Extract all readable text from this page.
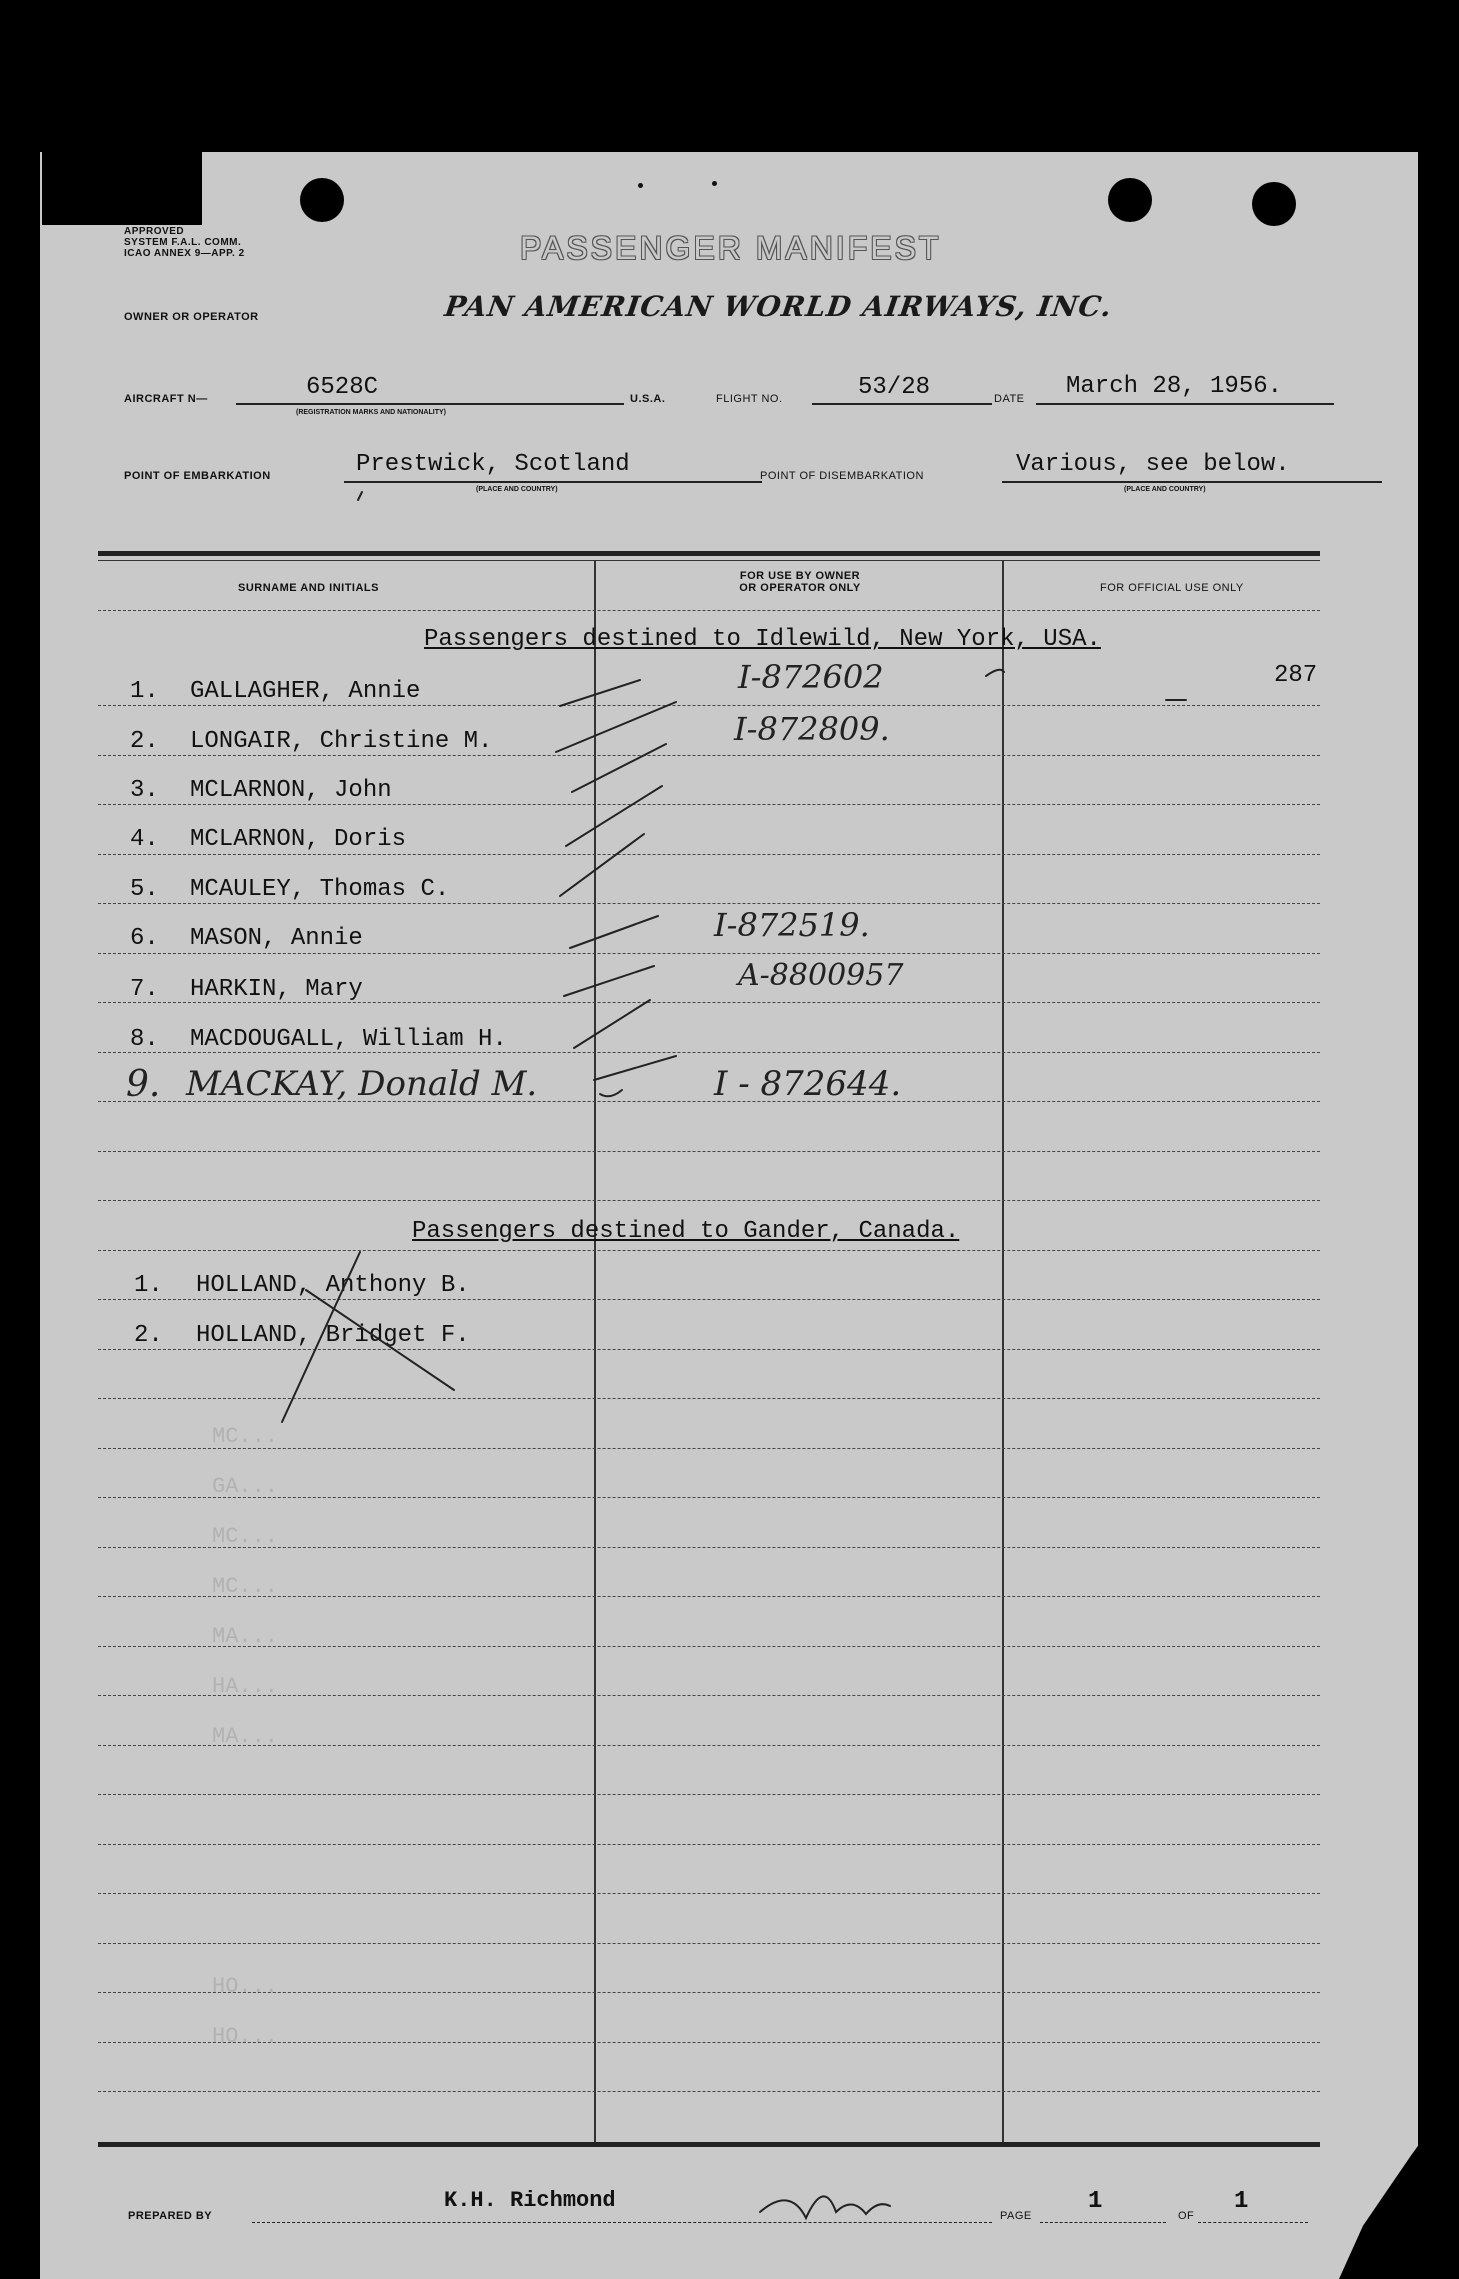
APPROVED
SYSTEM F.A.L. COMM.
ICAO ANNEX 9—APP. 2	PASSENGER MANIFEST
OWNER OR OPERATOR	PAN AMERICAN WORLD AIRWAYS, INC.
AIRCRAFT N—	6528C
(REGISTRATION MARKS AND NATIONALITY)
U.S.A.	FLIGHT NO.	53/28	DATE March 28, 1956.
POINT OF EMBARKATION	Prestwick, Scotland
(PLACE AND COUNTRY)
POINT OF DISEMBARKATION	Various, see below.
(PLACE AND COUNTRY)
SURNAME AND INITIALS
FOR USE BY OWNER
OR OPERATOR ONLY	FOR OFFICIAL USE ONLY
MC...
GA...
MC...
MC...
MA...
HA...
MA...
HO...
HO...
Passengers destined to Idlewild, New York, USA.
1. GALLAGHER, Annie	I-872602	287
2. LONGAIR, Christine M.	I-872809.
3. MCLARNON, John
4. MCLARNON, Doris
5. MCAULEY, Thomas C.
6. MASON, Annie	I-872519.
7. HARKIN, Mary	A-8800957
8. MACDOUGALL, William H.
9. MACKAY, Donald M.	I - 872644.
Passengers destined to Gander, Canada.
1. HOLLAND, Anthony B.
2. HOLLAND, Bridget F.
PREPARED BY
K.H. Richmond
PAGE
1
OF
1
